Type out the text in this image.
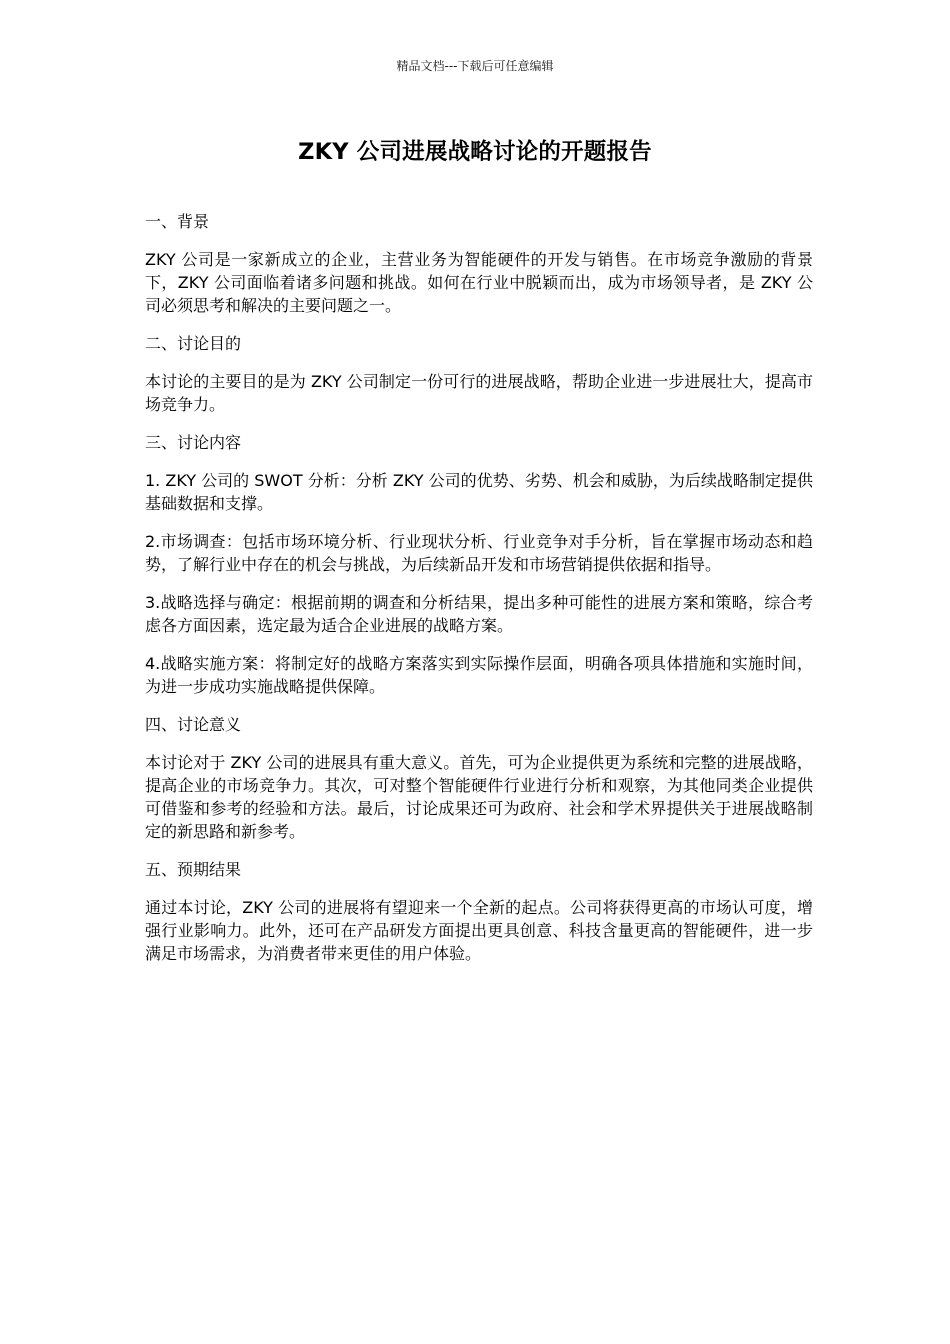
精品文档---下载后可任意编辑
ZKY 公司进展战略讨论的开题报告

一、背景

ZKY 公司是一家新成立的企业，主营业务为智能硬件的开发与销售。在市场竞争激励的背景下，ZKY 公司面临着诸多问题和挑战。如何在行业中脱颖而出，成为市场领导者，是 ZKY 公司必须思考和解决的主要问题之一。

二、讨论目的

本讨论的主要目的是为 ZKY 公司制定一份可行的进展战略，帮助企业进一步进展壮大，提高市场竞争力。

三、讨论内容

1. ZKY 公司的 SWOT 分析：分析 ZKY 公司的优势、劣势、机会和威胁，为后续战略制定提供基础数据和支撑。

2.市场调查：包括市场环境分析、行业现状分析、行业竞争对手分析，旨在掌握市场动态和趋势，了解行业中存在的机会与挑战，为后续新品开发和市场营销提供依据和指导。

3.战略选择与确定：根据前期的调查和分析结果，提出多种可能性的进展方案和策略，综合考虑各方面因素，选定最为适合企业进展的战略方案。

4.战略实施方案：将制定好的战略方案落实到实际操作层面，明确各项具体措施和实施时间，为进一步成功实施战略提供保障。

四、讨论意义

本讨论对于 ZKY 公司的进展具有重大意义。首先，可为企业提供更为系统和完整的进展战略，提高企业的市场竞争力。其次，可对整个智能硬件行业进行分析和观察，为其他同类企业提供可借鉴和参考的经验和方法。最后，讨论成果还可为政府、社会和学术界提供关于进展战略制定的新思路和新参考。

五、预期结果

通过本讨论，ZKY 公司的进展将有望迎来一个全新的起点。公司将获得更高的市场认可度，增强行业影响力。此外，还可在产品研发方面提出更具创意、科技含量更高的智能硬件，进一步满足市场需求，为消费者带来更佳的用户体验。
